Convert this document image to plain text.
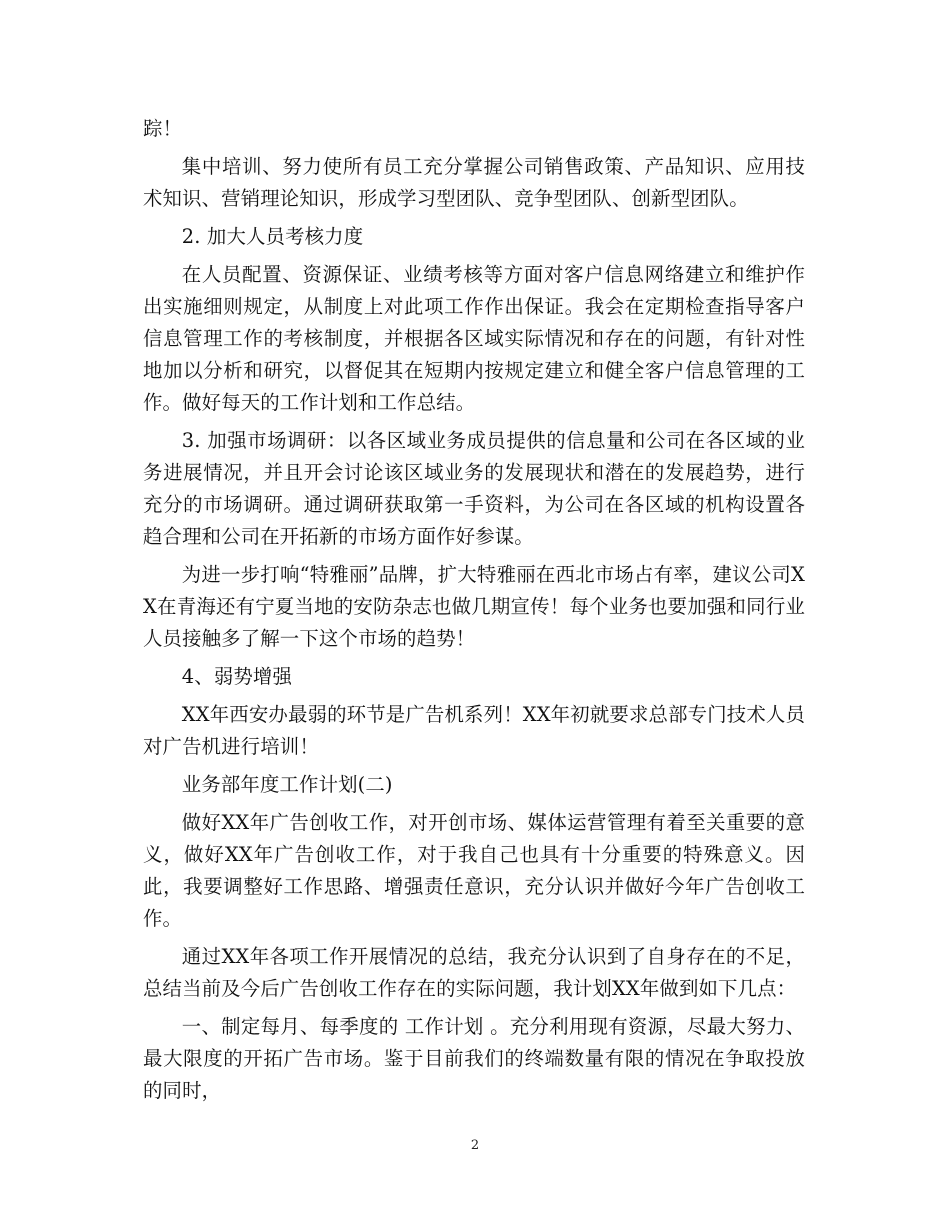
踪！

集中培训、努力使所有员工充分掌握公司销售政策、产品知识、应用技术知识、营销理论知识，形成学习型团队、竞争型团队、创新型团队。

2. 加大人员考核力度

在人员配置、资源保证、业绩考核等方面对客户信息网络建立和维护作出实施细则规定，从制度上对此项工作作出保证。我会在定期检查指导客户信息管理工作的考核制度，并根据各区域实际情况和存在的问题，有针对性地加以分析和研究，以督促其在短期内按规定建立和健全客户信息管理的工作。做好每天的工作计划和工作总结。

3. 加强市场调研：以各区域业务成员提供的信息量和公司在各区域的业务进展情况，并且开会讨论该区域业务的发展现状和潜在的发展趋势，进行充分的市场调研。通过调研获取第一手资料，为公司在各区域的机构设置各趋合理和公司在开拓新的市场方面作好参谋。

为进一步打响“特雅丽”品牌，扩大特雅丽在西北市场占有率，建议公司XX在青海还有宁夏当地的安防杂志也做几期宣传！每个业务也要加强和同行业人员接触多了解一下这个市场的趋势！

4、弱势增强

XX年西安办最弱的环节是广告机系列！XX年初就要求总部专门技术人员对广告机进行培训！

业务部年度工作计划(二)

做好XX年广告创收工作，对开创市场、媒体运营管理有着至关重要的意义，做好XX年广告创收工作，对于我自己也具有十分重要的特殊意义。因此，我要调整好工作思路、增强责任意识，充分认识并做好今年广告创收工作。

通过XX年各项工作开展情况的总结，我充分认识到了自身存在的不足，总结当前及今后广告创收工作存在的实际问题，我计划XX年做到如下几点：

一、制定每月、每季度的 工作计划 。充分利用现有资源，尽最大努力、最大限度的开拓广告市场。鉴于目前我们的终端数量有限的情况在争取投放的同时，

2
